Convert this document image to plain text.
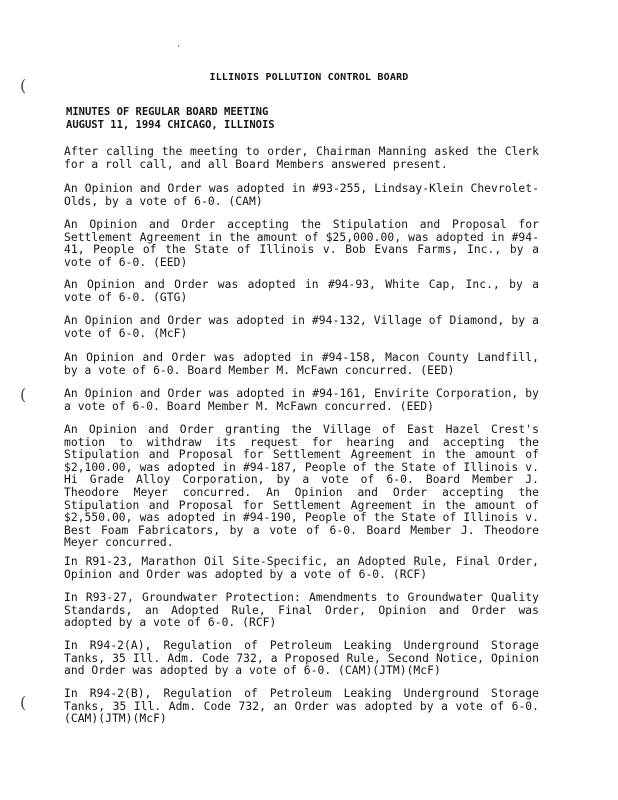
(
(
(
'
ILLINOIS POLLUTION CONTROL BOARD
MINUTES OF REGULAR BOARD MEETING
AUGUST 11, 1994 CHICAGO, ILLINOIS
After calling the meeting to order, Chairman Manning asked the Clerk for a roll call, and all Board Members answered present.
An Opinion and Order was adopted in #93-255, Lindsay-Klein Chevrolet-Olds, by a vote of 6-0. (CAM)
An Opinion and Order accepting the Stipulation and Proposal for Settlement Agreement in the amount of $25,000.00, was adopted in #94-41, People of the State of Illinois v. Bob Evans Farms, Inc., by a vote of 6-0. (EED)
An Opinion and Order was adopted in #94-93, White Cap, Inc., by a vote of 6-0. (GTG)
An Opinion and Order was adopted in #94-132, Village of Diamond, by a vote of 6-0. (McF)
An Opinion and Order was adopted in #94-158, Macon County Landfill, by a vote of 6-0. Board Member M. McFawn concurred. (EED)
An Opinion and Order was adopted in #94-161, Envirite Corporation, by a vote of 6-0. Board Member M. McFawn concurred. (EED)
An Opinion and Order granting the Village of East Hazel Crest's motion to withdraw its request for hearing and accepting the Stipulation and Proposal for Settlement Agreement in the amount of $2,100.00, was adopted in #94-187, People of the State of Illinois v. Hi Grade Alloy Corporation, by a vote of 6-0. Board Member J. Theodore Meyer concurred. An Opinion and Order accepting the Stipulation and Proposal for Settlement Agreement in the amount of $2,550.00, was adopted in #94-190, People of the State of Illinois v. Best Foam Fabricators, by a vote of 6-0. Board Member J. Theodore Meyer concurred.
In R91-23, Marathon Oil Site-Specific, an Adopted Rule, Final Order, Opinion and Order was adopted by a vote of 6-0. (RCF)
In R93-27, Groundwater Protection: Amendments to Groundwater Quality Standards, an Adopted Rule, Final Order, Opinion and Order was adopted by a vote of 6-0. (RCF)
In R94-2(A), Regulation of Petroleum Leaking Underground Storage Tanks, 35 Ill. Adm. Code 732, a Proposed Rule, Second Notice, Opinion and Order was adopted by a vote of 6-0. (CAM)(JTM)(McF)
In R94-2(B), Regulation of Petroleum Leaking Underground Storage Tanks, 35 Ill. Adm. Code 732, an Order was adopted by a vote of 6-0. (CAM)(JTM)(McF)
